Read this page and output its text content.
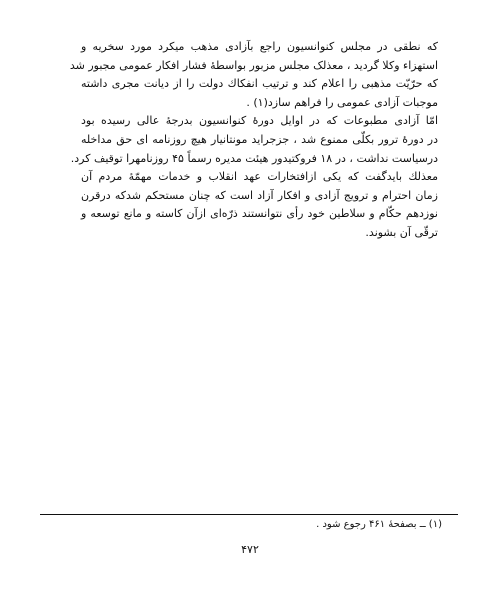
که نطقی در مجلس کنوانسیون راجع بآزادی مذهب میکرد مورد سخریه و
استهزاء وکلا گردید ، معذلک مجلس مزبور بواسطهٔ فشار افکار عمومی مجبور شد
که حرّیّت مذهبی را اعلام کند و ترتیب انفکاك دولت را از دیانت مجری داشته
موجبات آزادی عمومی را فراهم سازد(۱) .
امّا آزادی مطبوعات که در اوایل دورهٔ کنوانسیون بدرجهٔ عالی رسیده بود
در دورهٔ ترور بکلّی ممنوع شد ، جزجراید مونتانیار هیچ روزنامه ای حق مداخله
درسیاست نداشت ، در ۱۸ فروکتیدور هیئت مدیره رسماً ۴۵ روزنامهرا توقیف کرد.
معذلك بايدگفت که یکی ازافتخارات عهد انقلاب و خدمات مهمّهٔ مردم آن
زمان احترام و ترویج آزادی و افکار آزاد است که چنان مستحکم شدکه درقرن
نوزدهم حکّام و سلاطین خود رأی نتوانستند ذرّه‌ای ازآن کاسته و مانع توسعه و
ترقّی آن بشوند.
(۱) ــ بصفحهٔ ۴۶۱ رجوع شود .
۴۷۲
